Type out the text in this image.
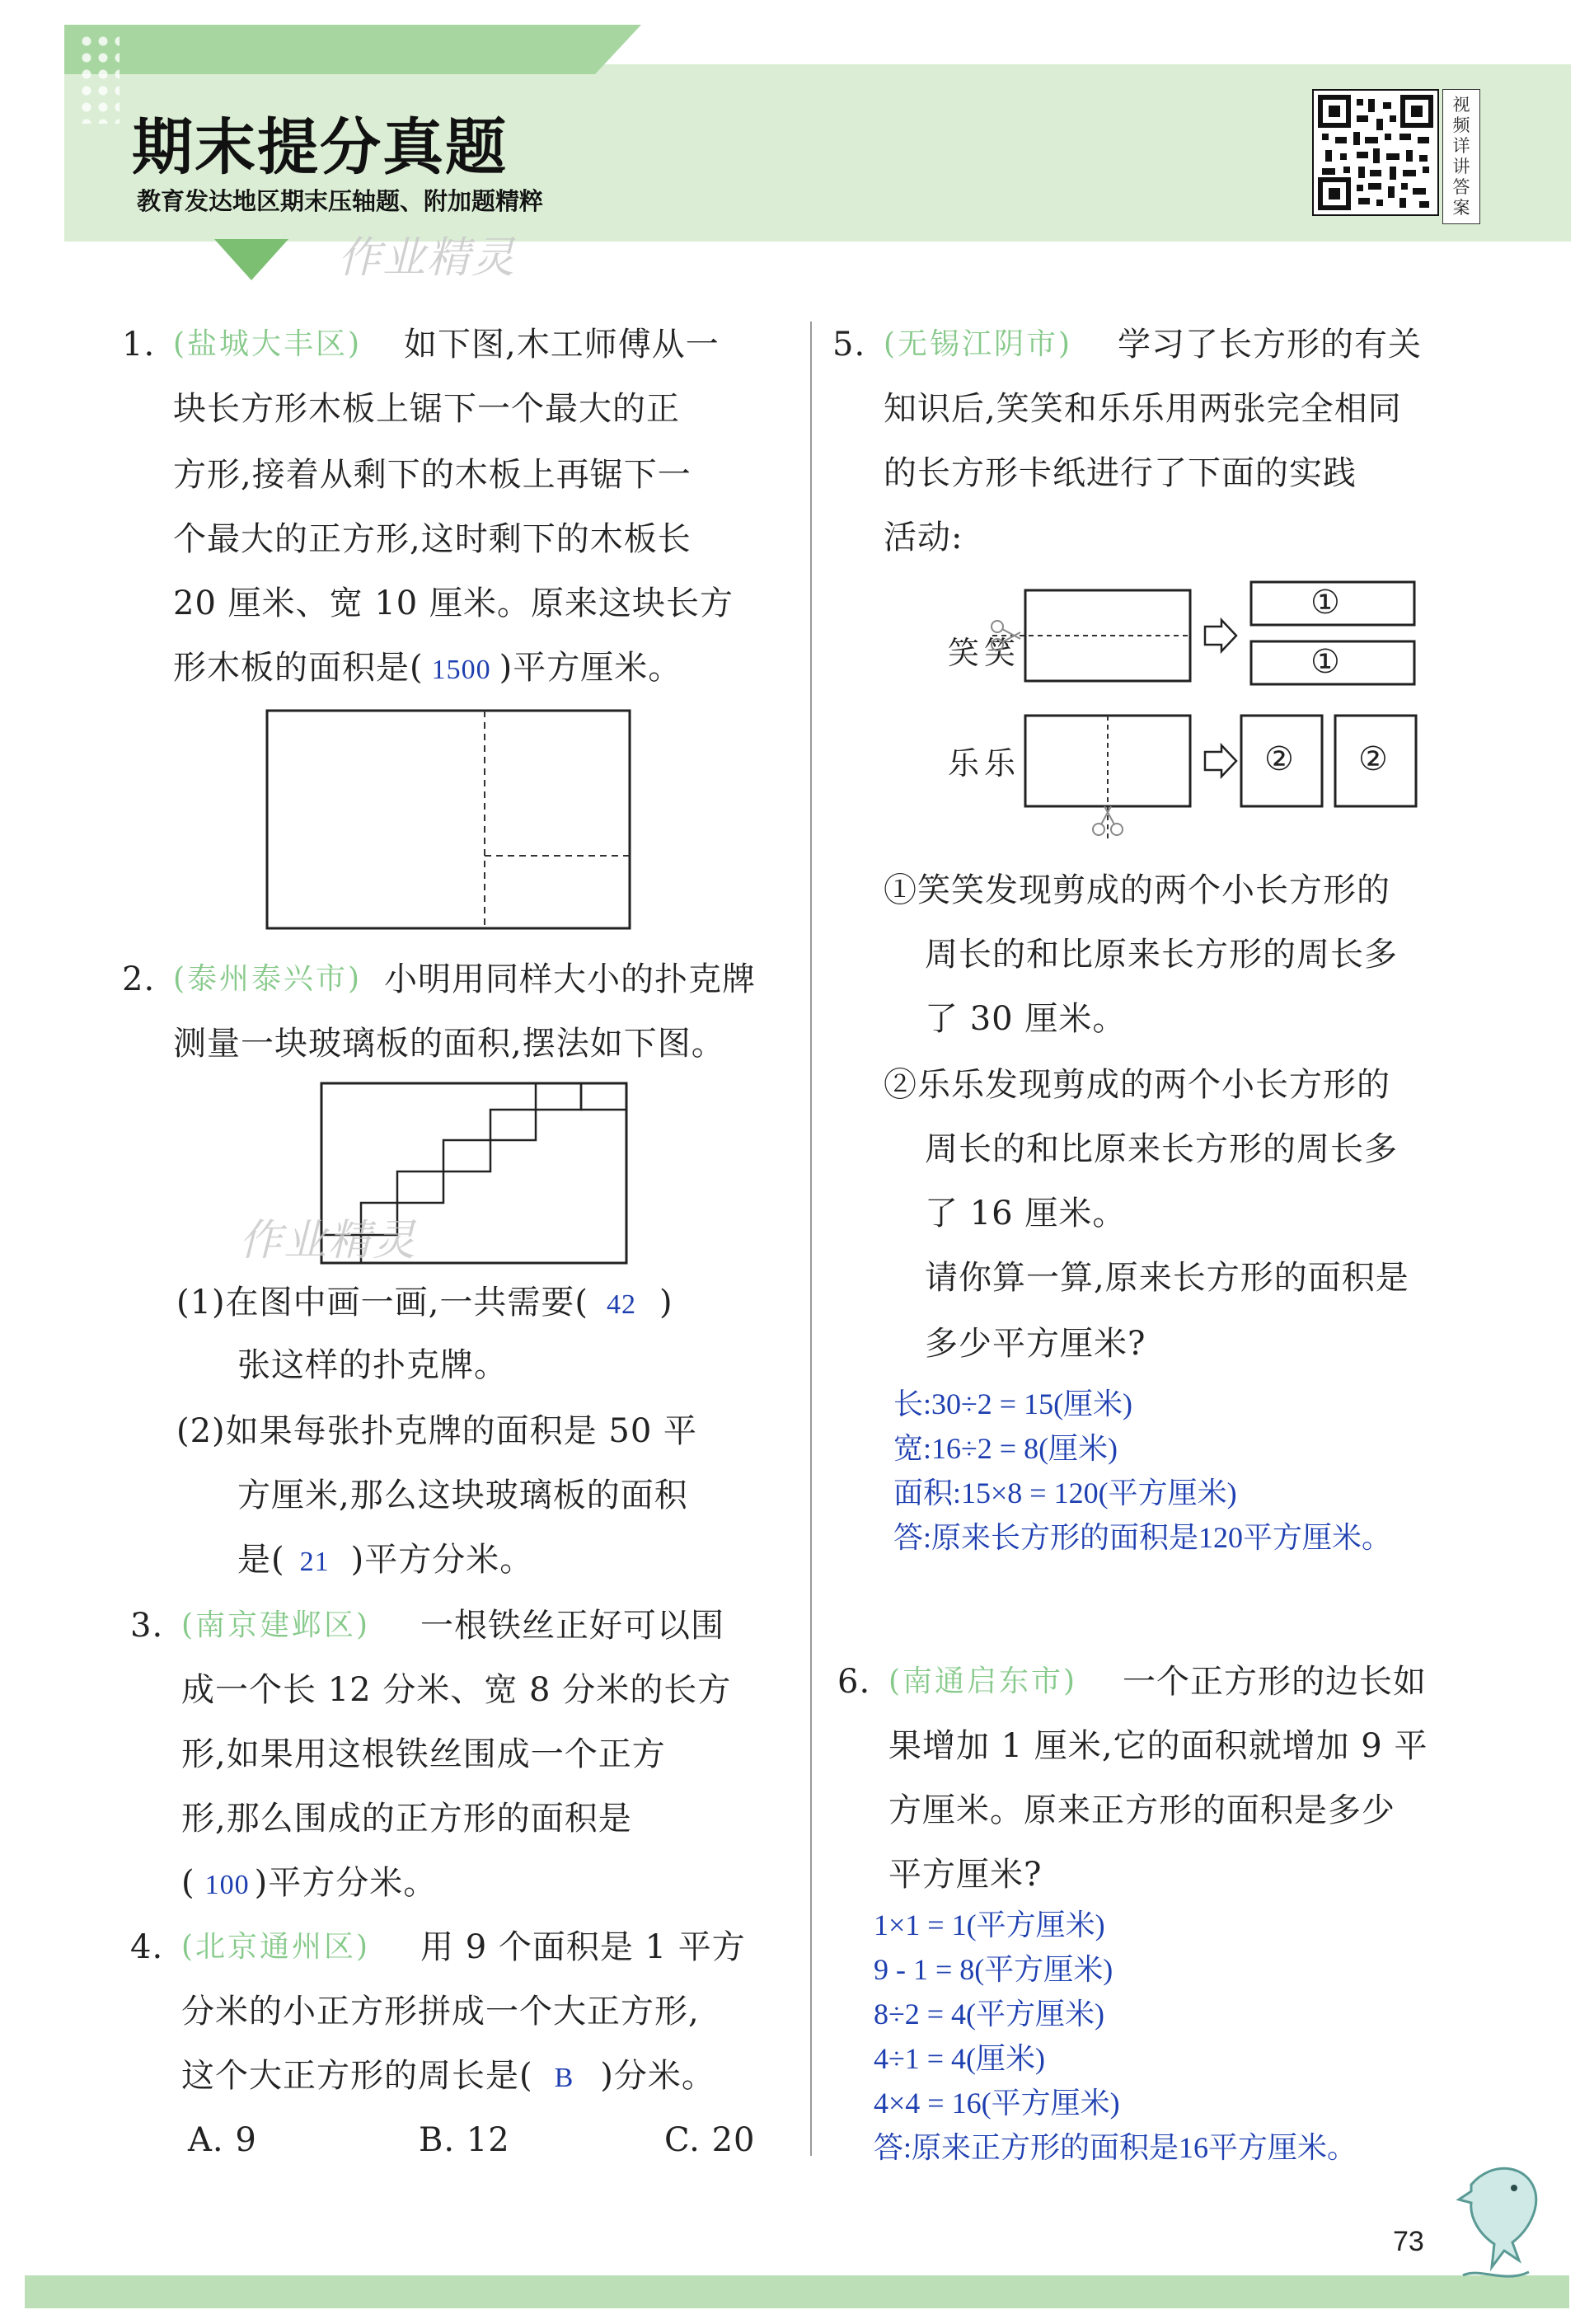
期末提分真题
教育发达地区期末压轴题、附加题精粹
作业精灵
视频详讲答案
1. (盐城大丰区) 如下图,木工师傅从一
块长方形木板上锯下一个最大的正
方形,接着从剩下的木板上再锯下一
个最大的正方形,这时剩下的木板长
20 厘米、宽 10 厘米。原来这块长方
形木板的面积是( 1500 )平方厘米。
2. (泰州泰兴市) 小明用同样大小的扑克牌
测量一块玻璃板的面积,摆法如下图。
作业精灵
(1)在图中画一画,一共需要( 42 )
张这样的扑克牌。
(2)如果每张扑克牌的面积是 50 平
方厘米,那么这块玻璃板的面积
是( 21 )平方分米。
3. (南京建邺区) 一根铁丝正好可以围
成一个长 12 分米、宽 8 分米的长方
形,如果用这根铁丝围成一个正方
形,那么围成的正方形的面积是
( 100 )平方分米。
4. (北京通州区) 用 9 个面积是 1 平方
分米的小正方形拼成一个大正方形,
这个大正方形的周长是( B )分米。
A. 9	B. 12	C. 20
5. (无锡江阴市) 学习了长方形的有关
知识后,笑笑和乐乐用两张完全相同
的长方形卡纸进行了下面的实践
活动:
笑笑
乐乐
①
①
② ②
①笑笑发现剪成的两个小长方形的
周长的和比原来长方形的周长多
了 30 厘米。
②乐乐发现剪成的两个小长方形的
周长的和比原来长方形的周长多
了 16 厘米。
请你算一算,原来长方形的面积是
多少平方厘米?
长:30÷2 = 15(厘米)
宽:16÷2 = 8(厘米)
面积:15×8 = 120(平方厘米)
答:原来长方形的面积是120平方厘米。
6. (南通启东市) 一个正方形的边长如
果增加 1 厘米,它的面积就增加 9 平
方厘米。原来正方形的面积是多少
平方厘米?
1×1 = 1(平方厘米)
9 - 1 = 8(平方厘米)
8÷2 = 4(平方厘米)
4÷1 = 4(厘米)
4×4 = 16(平方厘米)
答:原来正方形的面积是16平方厘米。
73
